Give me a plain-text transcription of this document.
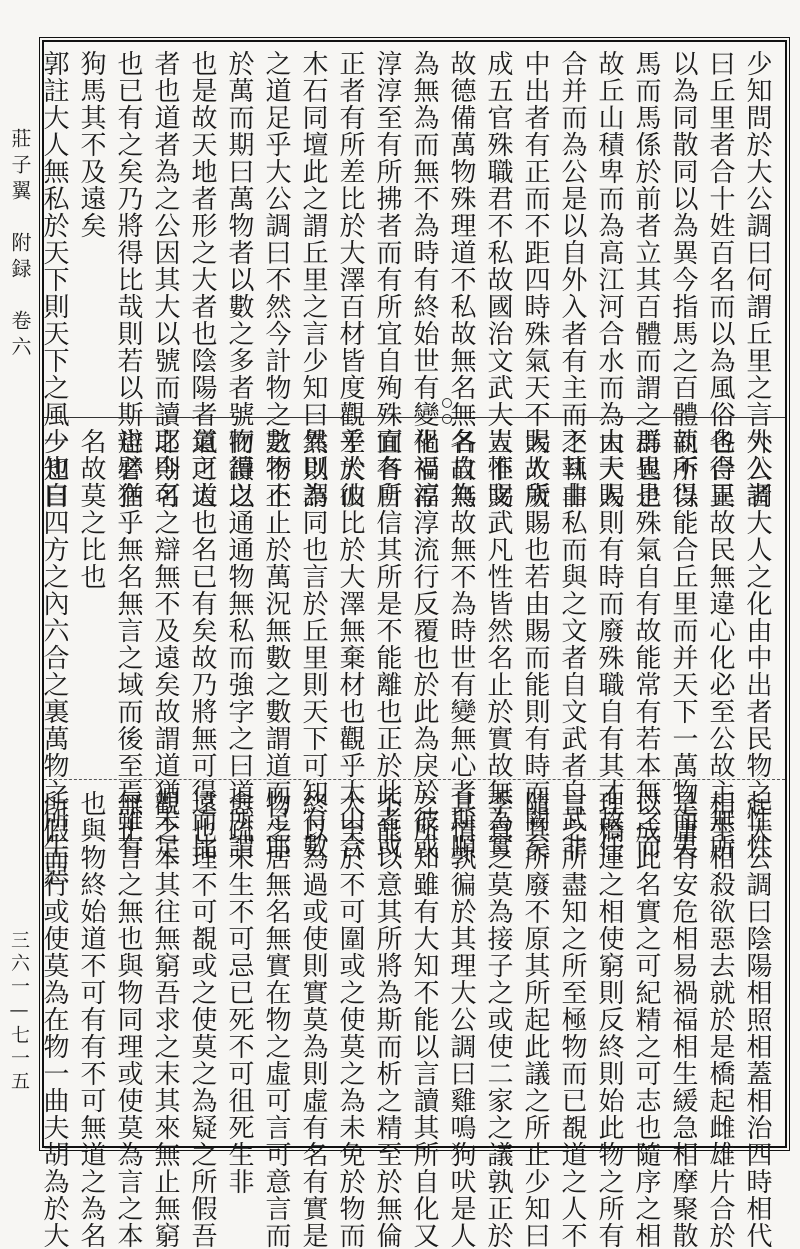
莊子翼　附録　卷六
三六一—七一五
少知問於大公調曰何謂丘里之言大公調
曰丘里者合十姓百名而以為風俗也合異
以為同散同以為異今指馬之百體而不得
馬而馬係於前者立其百體而謂之馬也是
故丘山積卑而為高江河合水而為大大人
合并而為公是以自外入者有主而不執由
中出者有正而不距四時殊氣天不賜故歲
成五官殊職君不私故國治文武大人不賜
故德備萬物殊理道不私故無名無名故無
為無為而無不為時有終始世有變化禍福
淳淳至有所拂者而有所宜自殉殊面有所
正者有所差比於大澤百材皆度觀乎大山
木石同壇此之謂丘里之言少知曰然則謂
之道足乎大公調曰不然今計物之數不止
於萬而期曰萬物者以數之多者號而讀之
也是故天地者形之大者也陰陽者氣之大
者也道者為之公因其大以號而讀之則可
也已有之矣乃將得比哉則若以斯辯譬猶
狗馬其不及遠矣
郭註大人無私於天下則天下之風一也自
外入者大人之化由中出者民物之性性
各得正故民無違心化必至公故主無所
執所以能合丘里而并天下一萬物而夷
群異也殊氣自有故能常有若本無之而
由天賜則有時而廢殊職自有其才故任
之耳非私而與之文者自文武者自武非
大人所賜也若由賜而能則有時而闕矣
豈惟文武凡性皆然名止於實故無為實
各自為故無不為時世有變無心者斯順
禍福淳淳流行反覆也於此為戾於彼或
宜各自信其所是不能離也正於此者或
差於彼比於大澤無棄材也觀乎太山合
異以為同也言於丘里則天下可知有數
之物不止於萬況無數之數謂道而足耶
物得以通通物無私而強字之曰道所謂
道可道也名已有矣故乃將無可得而比
耶今名之辯無不及遠矣故謂道猶未足
也必在乎無名無言之域而後至焉雖有
名故莫之比也
少知曰四方之內六合之裏萬物之所生惡
起大公調曰陰陽相照相蓋相治四時相代
相生相殺欲惡去就於是橋起雌雄片合於
是庸有安危相易禍福相生緩急相摩聚散
以成此名實之可紀精之可志也隨序之相
理橋運之相使窮則反終則始此物之所有
言之所盡知之所至極物而已覩道之人不
隨其所廢不原其所起此議之所止少知曰
季真之莫為接子之或使二家之議孰正於
其情孰徧於其理大公調曰雞鳴狗吠是人
之所知雖有大知不能以言讀其所自化又
不能以意其所將為斯而析之精至於無倫
大至於不可圍或之使莫之為未免於物而
終以為過或使則實莫為則虛有名有實是
物之居無名無實在物之虛可言可意言而
愈疏未生不可忌已死不可徂死生非
遠也理不可覩或之使莫之為疑之所假吾
觀之本其往無窮吾求之末其來無止無窮
無止言之無也與物同理或使莫為言之本
也與物終始道不可有有不可無道之為名
所假而行或使莫為在物一曲夫胡為於大
